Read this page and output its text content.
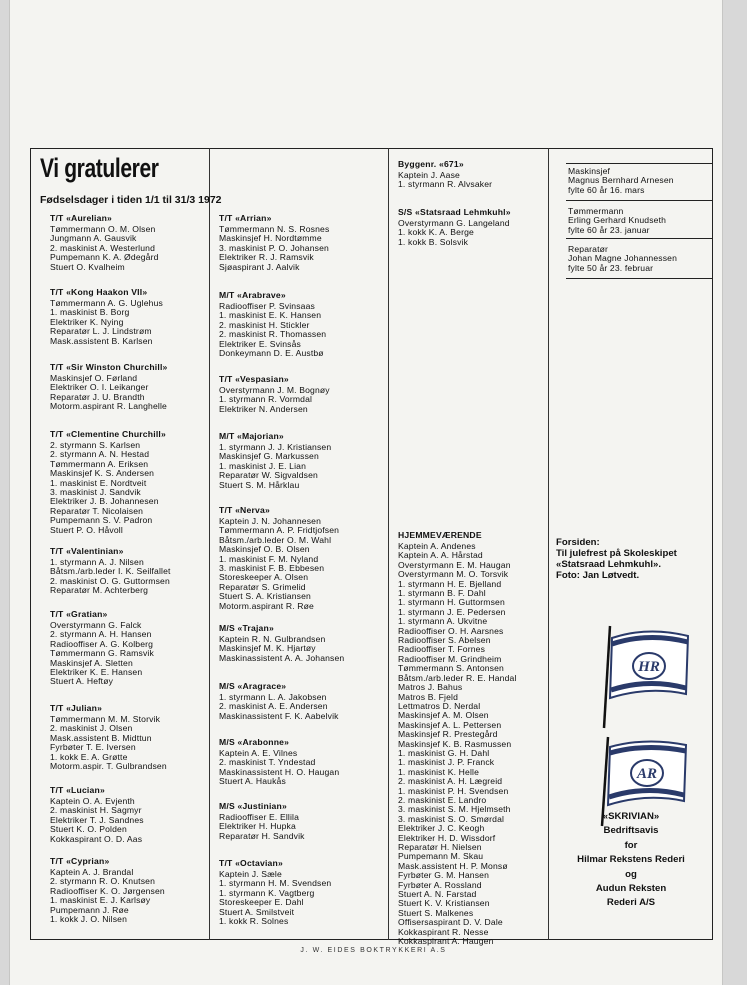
Vi gratulerer
Fødselsdager i tiden 1/1 til 31/3 1972
T/T «Aurelian»
Tømmermann O. M. Olsen
Jungmann A. Gausvik
2. maskinist A. Westerlund
Pumpemann K. A. Ødegård
Stuert O. Kvalheim
T/T «Kong Haakon VII»
Tømmermann A. G. Uglehus
1. maskinist B. Borg
Elektriker K. Nying
Reparatør L. J. Lindstrøm
Mask.assistent B. Karlsen
T/T «Sir Winston Churchill»
Maskinsjef O. Førland
Elektriker O. I. Leikanger
Reparatør J. U. Brandth
Motorm.aspirant R. Langhelle
T/T «Clementine Churchill»
2. styrmann S. Karlsen
2. styrmann A. N. Hestad
Tømmermann A. Eriksen
Maskinsjef K. S. Andersen
1. maskinist E. Nordtveit
3. maskinist J. Sandvik
Elektriker J. B. Johannesen
Reparatør T. Nicolaisen
Pumpemann S. V. Padron
Stuert P. O. Håvoll
T/T «Valentinian»
1. styrmann A. J. Nilsen
Båtsm./arb.leder I. K. Seilfallet
2. maskinist O. G. Guttormsen
Reparatør M. Achterberg
T/T «Gratian»
Overstyrmann G. Falck
2. styrmann A. H. Hansen
Radiooffiser A. G. Kolberg
Tømmermann G. Ramsvik
Maskinsjef A. Sletten
Elektriker K. E. Hansen
Stuert A. Heftøy
T/T «Julian»
Tømmermann M. M. Storvik
2. maskinist J. Olsen
Mask.assistent B. Midttun
Fyrbøter T. E. Iversen
1. kokk E. A. Grøtte
Motorm.aspir. T. Gulbrandsen
T/T «Lucian»
Kaptein O. A. Evjenth
2. maskinist H. Sagmyr
Elektriker T. J. Sandnes
Stuert K. O. Polden
Kokkaspirant O. D. Aas
T/T «Cyprian»
Kaptein A. J. Brandal
2. styrmann R. O. Knutsen
Radiooffiser K. O. Jørgensen
1. maskinist E. J. Karlsøy
Pumpemann J. Røe
1. kokk J. O. Nilsen
T/T «Arrian»
Tømmermann N. S. Rosnes
Maskinsjef H. Nordtømme
3. maskinist P. O. Johansen
Elektriker R. J. Ramsvik
Sjøaspirant J. Aalvik
M/T «Arabrave»
Radiooffiser P. Svinsaas
1. maskinist E. K. Hansen
2. maskinist H. Stickler
2. maskinist R. Thomassen
Elektriker E. Svinsås
Donkeymann D. E. Austbø
T/T «Vespasian»
Overstyrmann J. M. Bognøy
1. styrmann R. Vormdal
Elektriker N. Andersen
M/T «Majorian»
1. styrmann J. J. Kristiansen
Maskinsjef G. Markussen
1. maskinist J. E. Lian
Reparatør W. Sigvaldsen
Stuert S. M. Hårklau
T/T «Nerva»
Kaptein J. N. Johannesen
Tømmermann A. P. Fridtjofsen
Båtsm./arb.leder O. M. Wahl
Maskinsjef O. B. Olsen
1. maskinist F. M. Nyland
3. maskinist F. B. Ebbesen
Storeskeeper A. Olsen
Reparatør S. Grimelid
Stuert S. A. Kristiansen
Motorm.aspirant R. Røe
M/S «Trajan»
Kaptein R. N. Gulbrandsen
Maskinsjef M. K. Hjartøy
Maskinassistent A. A. Johansen
M/S «Aragrace»
1. styrmann L. A. Jakobsen
2. maskinist A. E. Andersen
Maskinassistent F. K. Aabelvik
M/S «Arabonne»
Kaptein A. E. Vilnes
2. maskinist T. Yndestad
Maskinassistent H. O. Haugan
Stuert A. Haukås
M/S «Justinian»
Radiooffiser E. Ellila
Elektriker H. Hupka
Reparatør H. Sandvik
T/T «Octavian»
Kaptein J. Sæle
1. styrmann H. M. Svendsen
1. styrmann K. Vagtberg
Storeskeeper E. Dahl
Stuert A. Smilstveit
1. kokk R. Solnes
Byggenr. «671»
Kaptein J. Aase
1. styrmann R. Alvsaker
S/S «Statsraad Lehmkuhl»
Overstyrmann G. Langeland
1. kokk K. A. Berge
1. kokk B. Solsvik
HJEMMEVÆRENDE
Kaptein A. Andenes
Kaptein A. A. Hårstad
Overstyrmann E. M. Haugan
Overstyrmann M. O. Torsvik
1. styrmann H. E. Bjelland
1. styrmann B. F. Dahl
1. styrmann H. Guttormsen
1. styrmann J. E. Pedersen
1. styrmann A. Ukvitne
Radiooffiser O. H. Aarsnes
Radiooffiser S. Abelsen
Radiooffiser T. Fornes
Radiooffiser M. Grindheim
Tømmermann S. Antonsen
Båtsm./arb.leder R. E. Handal
Matros J. Bahus
Matros B. Fjeld
Lettmatros D. Nerdal
Maskinsjef A. M. Olsen
Maskinsjef A. L. Pettersen
Maskinsjef R. Prestegård
Maskinsjef K. B. Rasmussen
1. maskinist G. H. Dahl
1. maskinist J. P. Franck
1. maskinist K. Helle
2. maskinist A. H. Lægreid
1. maskinist P. H. Svendsen
2. maskinist E. Landro
3. maskinist S. M. Hjelmseth
3. maskinist S. O. Smørdal
Elektriker J. C. Keogh
Elektriker H. D. Wissdorf
Reparatør H. Nielsen
Pumpemann M. Skau
Mask.assistent H. P. Monsø
Fyrbøter G. M. Hansen
Fyrbøter A. Rossland
Stuert A. N. Farstad
Stuert K. V. Kristiansen
Stuert S. Malkenes
Offisersaspirant D. V. Dale
Kokkaspirant R. Nesse
Kokkaspirant A. Haugen
Maskinsjef
Magnus Bernhard Arnesen
fylte 60 år 16. mars
Tømmermann
Erling Gerhard Knudseth
fylte 60 år 23. januar
Reparatør
Johan Magne Johannessen
fylte 50 år 23. februar
Forsiden:
Til julefrest på Skoleskipet
«Statsraad Lehmkuhl».
Foto: Jan Løtvedt.
HR
AR
«SKRIVIAN»
Bedriftsavis
for
Hilmar Rekstens Rederi
og
Audun Reksten
Rederi A/S
J. W. EIDES BOKTRYKKERI A.S
